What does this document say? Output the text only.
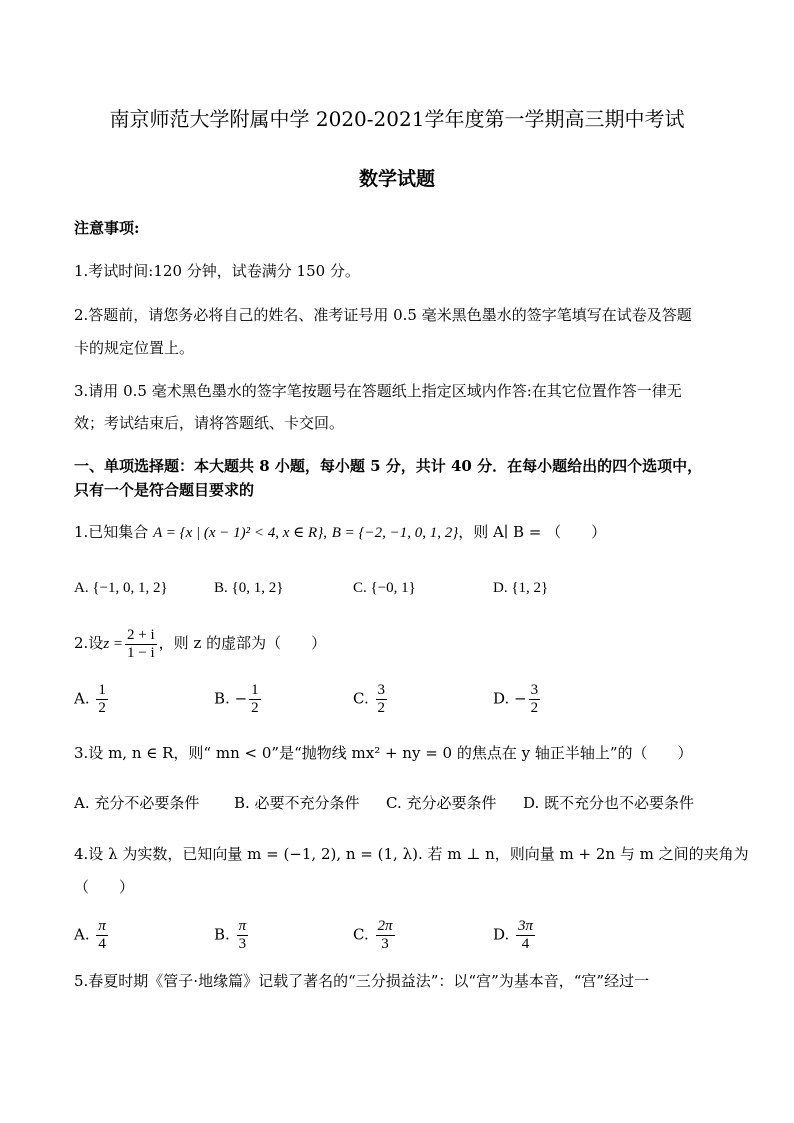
南京师范大学附属中学 2020-2021学年度第一学期高三期中考试
数学试题
注意事项:
1.考试时间:120 分钟，试卷满分 150 分。
2.答题前，请您务必将自己的姓名、准考证号用 0.5 毫米黑色墨水的签字笔填写在试卷及答题
卡的规定位置上。
3.请用 0.5 毫术黑色墨水的签字笔按题号在答题纸上指定区域内作答:在其它位置作答一律无
效；考试结束后，请将答题纸、卡交回。
一、单项选择题：本大题共 8 小题，每小题 5 分，共计 40 分．在每小题给出的四个选项中，
只有一个是符合题目要求的
1.已知集合 A = {x | (x − 1)² < 4, x ∈ R}, B = {−2, −1, 0, 1, 2}，则 A∣ B = （　　）
A. {−1, 0, 1, 2}	B. {0, 1, 2}	C. {−0, 1}	D. {1, 2}
2.设$z = \frac{2 + i}{1 - i}$ ，则 z 的虚部为（　　）
A. $\frac{1}{2}$	B. − $\frac{1}{2}$	C. $\frac{3}{2}$	D. − $\frac{3}{2}$
3.设 m, n ∈ R，则“ mn < 0”是“抛物线 mx² + ny = 0 的焦点在 y 轴正半轴上”的（　　）
A. 充分不必要条件 B. 必要不充分条件 C. 充分必要条件 D. 既不充分也不必要条件
4.设 λ 为实数，已知向量 m = (−1, 2), n = (1, λ). 若 m ⊥ n，则向量 m + 2n 与 m 之间的夹角为
（　　）
A. $\frac{\pi}{4}$	B. $\frac{\pi}{3}$	C. $\frac{2\pi}{3}$	D. $\frac{3\pi}{4}$
5.春夏时期《管子·地缘篇》记载了著名的“三分损益法”：以“宫”为基本音，“宫”经过一
